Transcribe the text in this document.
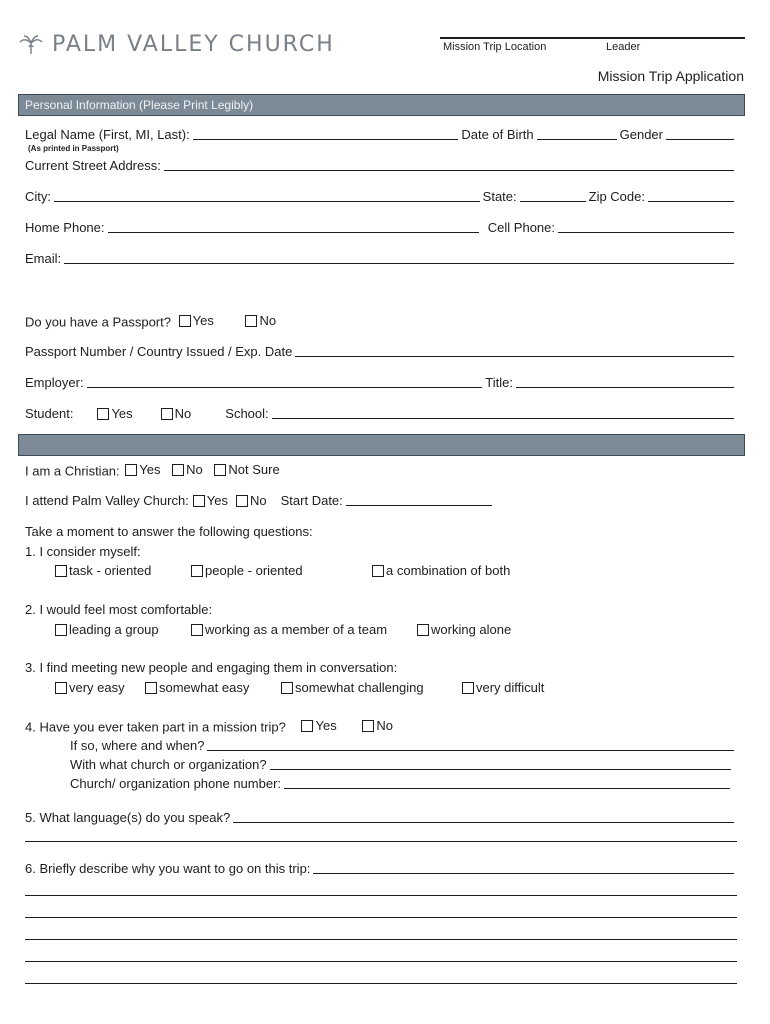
PALM VALLEY CHURCH	Mission Trip Location	Leader
Mission Trip Application
Personal Information (Please Print Legibly)
Legal Name (First, MI, Last):	Date of Birth	Gender
(As printed in Passport)
Current Street Address:
City:	State:	Zip Code:
Home Phone:	Cell Phone:
Email:
Do you have a Passport? Yes
	No
Passport Number / Country Issued / Exp. Date
Employer:	Title:
Student:	Yes	No	School:
I am a Christian: Yes
No
Not Sure
I attend Palm Valley Church: Yes No Start Date:
Take a moment to answer the following questions:
1. I consider myself:
task - oriented	people - oriented	a combination of both
2. I would feel most comfortable:
leading a group	working as a member of a team	working alone
3. I find meeting new people and engaging them in conversation:
very easy	somewhat easy	somewhat challenging	very difficult
4. Have you ever taken part in a mission trip? Yes
	No
If so, where and when?
With what church or organization?
Church/ organization phone number:
5. What language(s) do you speak?
6. Briefly describe why you want to go on this trip:
